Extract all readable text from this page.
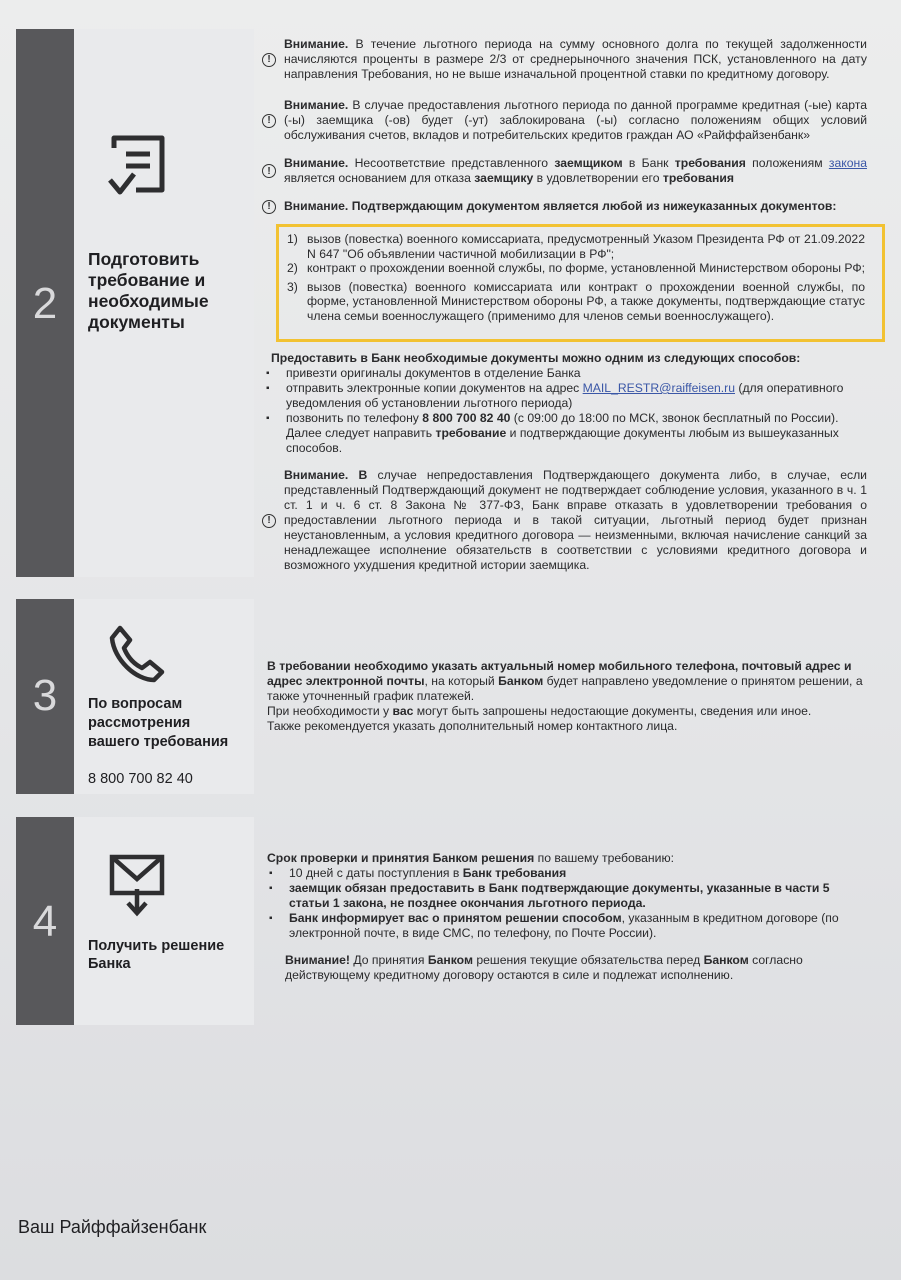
2
Подготовить требование и необходимые документы
3	По вопросам рассмотрения вашего требования
8 800 700 82 40
4	Получить решение Банка
!
Внимание. В течение льготного периода на сумму основного долга по текущей задолженности начисляются проценты в размере 2/3 от среднерыночного значения ПСК, установленного на дату направления Требования, но не выше изначальной процентной ставки по кредитному договору.
!
Внимание. В случае предоставления льготного периода по данной программе кредитная (-ые) карта (-ы) заемщика (-ов) будет (-ут) заблокирована (-ы) согласно положениям общих условий обслуживания счетов, вкладов и потребительских кредитов граждан АО «Райффайзенбанк»
!
Внимание. Несоответствие представленного заемщиком в Банк требования положениям закона является основанием для отказа заемщику в удовлетворении его требования
!	Внимание. Подтверждающим документом является любой из нижеуказанных документов:
1) вызов (повестка) военного комиссариата, предусмотренный Указом Президента РФ от 21.09.2022 N 647 "Об объявлении частичной мобилизации в РФ";
2) контракт о прохождении военной службы, по форме, установленной Министерством обороны РФ;
3) вызов (повестка) военного комиссариата или контракт о прохождении военной службы, по форме, установленной Министерством обороны РФ, а также документы, подтверждающие статус члена семьи военнослужащего (применимо для членов семьи военнослужащего).
Предоставить в Банк необходимые документы можно одним из следующих способов:
▪ привезти оригиналы документов в отделение Банка
▪ отправить электронные копии документов на адрес MAIL_RESTR@raiffeisen.ru (для оперативного уведомления об установлении льготного периода)
▪ позвонить по телефону 8 800 700 82 40 (с 09:00 до 18:00 по МСК, звонок бесплатный по России). Далее следует направить требование и подтверждающие документы любым из вышеуказанных способов.
!
Внимание. В случае непредоставления Подтверждающего документа либо, в случае, если представленный Подтверждающий документ не подтверждает соблюдение условия, указанного в ч. 1 ст. 1 и ч. 6 ст. 8 Закона № 377-ФЗ, Банк вправе отказать в удовлетворении требования о предоставлении льготного периода и в такой ситуации, льготный период будет признан неустановленным, а условия кредитного договора — неизменными, включая начисление санкций за ненадлежащее исполнение обязательств в соответствии с условиями кредитного договора и возможного ухудшения кредитной истории заемщика.
В требовании необходимо указать актуальный номер мобильного телефона, почтовый адрес и адрес электронной почты, на который Банком будет направлено уведомление о принятом решении, а также уточненный график платежей.
При необходимости у вас могут быть запрошены недостающие документы, сведения или иное.
Также рекомендуется указать дополнительный номер контактного лица.
Срок проверки и принятия Банком решения по вашему требованию:
▪ 10 дней с даты поступления в Банк требования
▪ заемщик обязан предоставить в Банк подтверждающие документы, указанные в части 5 статьи 1 закона, не позднее окончания льготного периода.
▪ Банк информирует вас о принятом решении способом, указанным в кредитном договоре (по электронной почте, в виде СМС, по телефону, по Почте России).
Внимание! До принятия Банком решения текущие обязательства перед Банком согласно действующему кредитному договору остаются в силе и подлежат исполнению.
Ваш Райффайзенбанк
